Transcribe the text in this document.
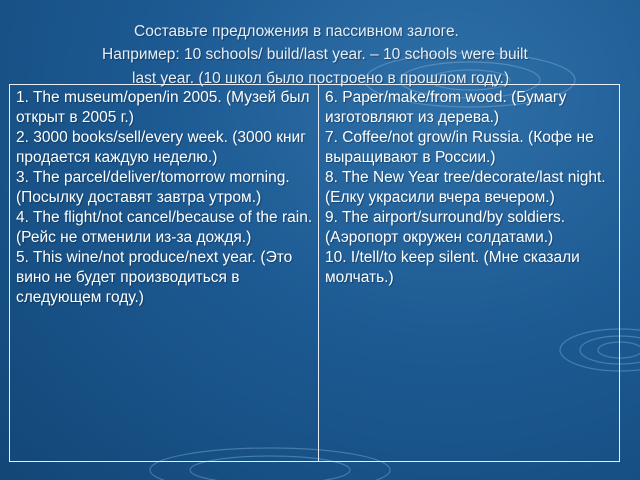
Составьте предложения в пассивном залоге.
Например: 10 schools/ build/last year. – 10 schools were built
last year. (10 школ было построено в прошлом году.)

1. The museum/open/in 2005. (Музей был открыт в 2005 г.)

2. 3000 books/sell/every week. (3000 книг продается каждую неделю.)

3. The parcel/deliver/tomorrow morning. (Посылку доставят завтра утром.)

4. The flight/not cancel/because of the rain. (Рейс не отменили из-за дождя.)

5. This wine/not produce/next year. (Это вино не будет производиться в следующем году.)

6. Paper/make/from wood. (Бумагу изготовляют из дерева.)

7. Coffee/not grow/in Russia. (Кофе не выращивают в России.)

8. The New Year tree/decorate/last night. (Елку украсили вчера вечером.)

9. The airport/surround/by soldiers. (Аэропорт окружен солдатами.)

10. I/tell/to keep silent. (Мне сказали молчать.)
